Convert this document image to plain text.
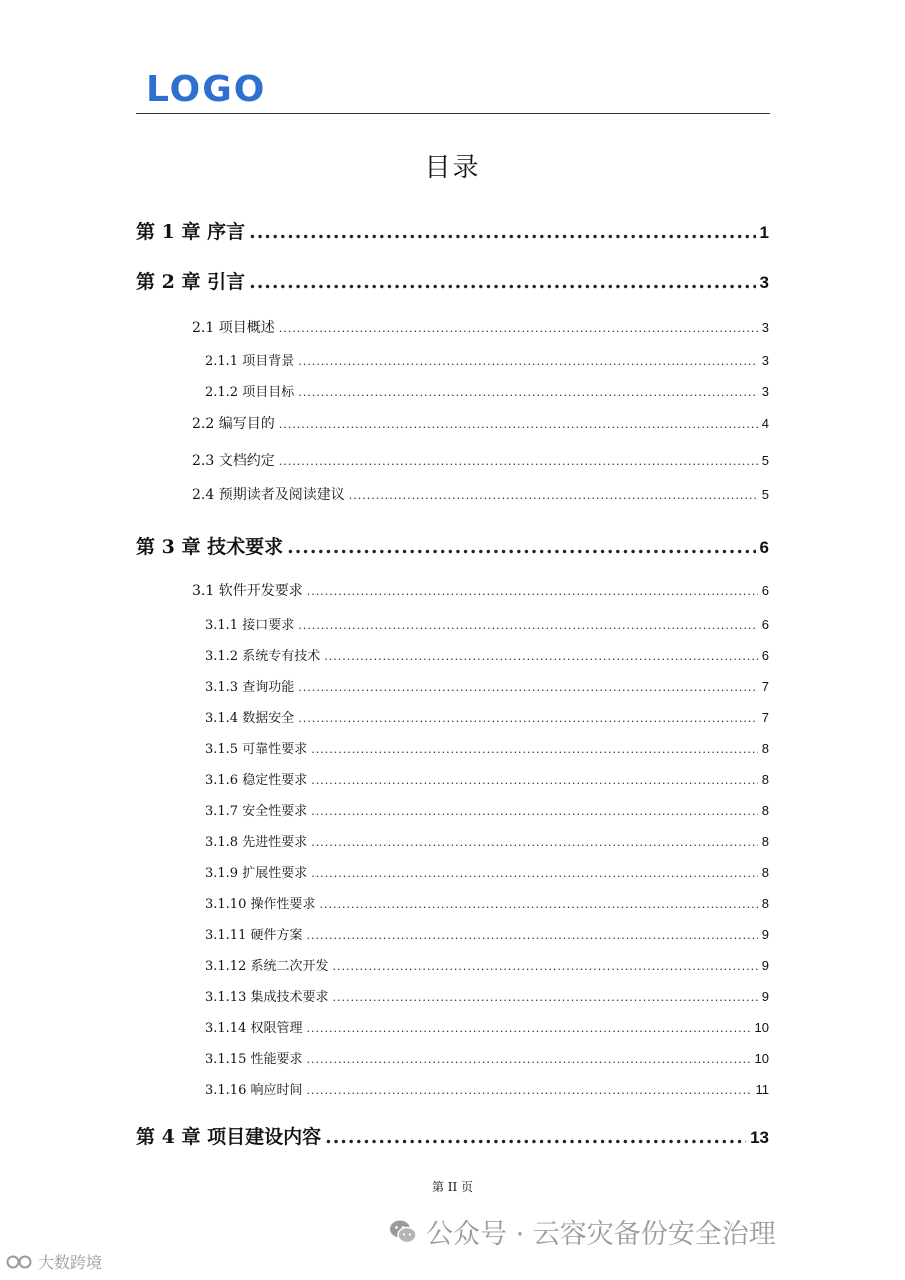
LOGO
目录
第 1 章 序言 .....	1
第 2 章 引言 .....	3
2.1 项目概述 .....	3
2.1.1 项目背景 .....	3
2.1.2 项目目标 .....	3
2.2 编写目的 .....	4
2.3 文档约定 .....	5
2.4 预期读者及阅读建议 .....	5
第 3 章 技术要求 .....	6
3.1 软件开发要求 .....	6
3.1.1 接口要求 .....	6
3.1.2 系统专有技术 .....	6
3.1.3 查询功能 .....	7
3.1.4 数据安全 .....	7
3.1.5 可靠性要求 .....	8
3.1.6 稳定性要求 .....	8
3.1.7 安全性要求 .....	8
3.1.8 先进性要求 .....	8
3.1.9 扩展性要求 .....	8
3.1.10 操作性要求 .....	8
3.1.11 硬件方案 .....	9
3.1.12 系统二次开发 .....	9
3.1.13 集成技术要求 .....	9
3.1.14 权限管理 .....	10
3.1.15 性能要求 .....	10
3.1.16 响应时间 .....	11
第 4 章 项目建设内容 .....	13
第 II 页
公众号 · 云容灾备份安全治理
大数跨境
